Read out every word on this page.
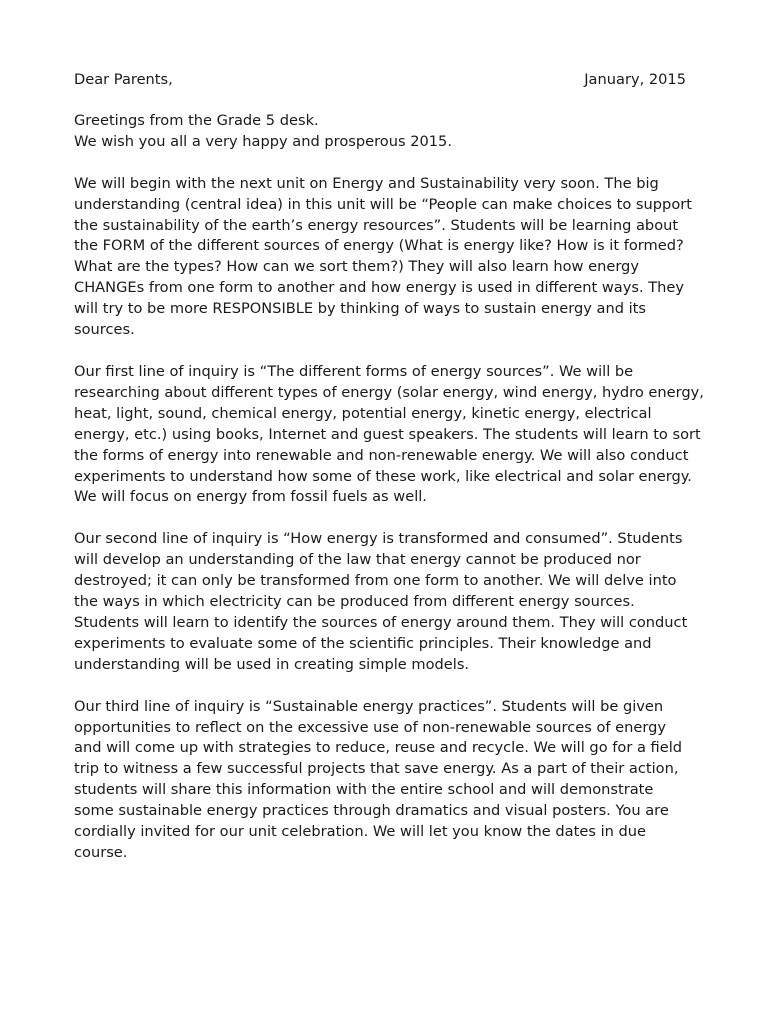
Dear Parents,	January, 2015
Greetings from the Grade 5 desk.
We wish you all a very happy and prosperous 2015.
We will begin with the next unit on Energy and Sustainability very soon. The big
understanding (central idea) in this unit will be “People can make choices to support
the sustainability of the earth’s energy resources”. Students will be learning about
the FORM of the different sources of energy (What is energy like? How is it formed?
What are the types? How can we sort them?) They will also learn how energy
CHANGEs from one form to another and how energy is used in different ways. They
will try to be more RESPONSIBLE by thinking of ways to sustain energy and its
sources.
Our first line of inquiry is “The different forms of energy sources”. We will be
researching about different types of energy (solar energy, wind energy, hydro energy,
heat, light, sound, chemical energy, potential energy, kinetic energy, electrical
energy, etc.) using books, Internet and guest speakers. The students will learn to sort
the forms of energy into renewable and non-renewable energy. We will also conduct
experiments to understand how some of these work, like electrical and solar energy.
We will focus on energy from fossil fuels as well.
Our second line of inquiry is “How energy is transformed and consumed”. Students
will develop an understanding of the law that energy cannot be produced nor
destroyed; it can only be transformed from one form to another. We will delve into
the ways in which electricity can be produced from different energy sources.
Students will learn to identify the sources of energy around them. They will conduct
experiments to evaluate some of the scientific principles. Their knowledge and
understanding will be used in creating simple models.
Our third line of inquiry is “Sustainable energy practices”. Students will be given
opportunities to reflect on the excessive use of non-renewable sources of energy
and will come up with strategies to reduce, reuse and recycle. We will go for a field
trip to witness a few successful projects that save energy. As a part of their action,
students will share this information with the entire school and will demonstrate
some sustainable energy practices through dramatics and visual posters. You are
cordially invited for our unit celebration. We will let you know the dates in due
course.
